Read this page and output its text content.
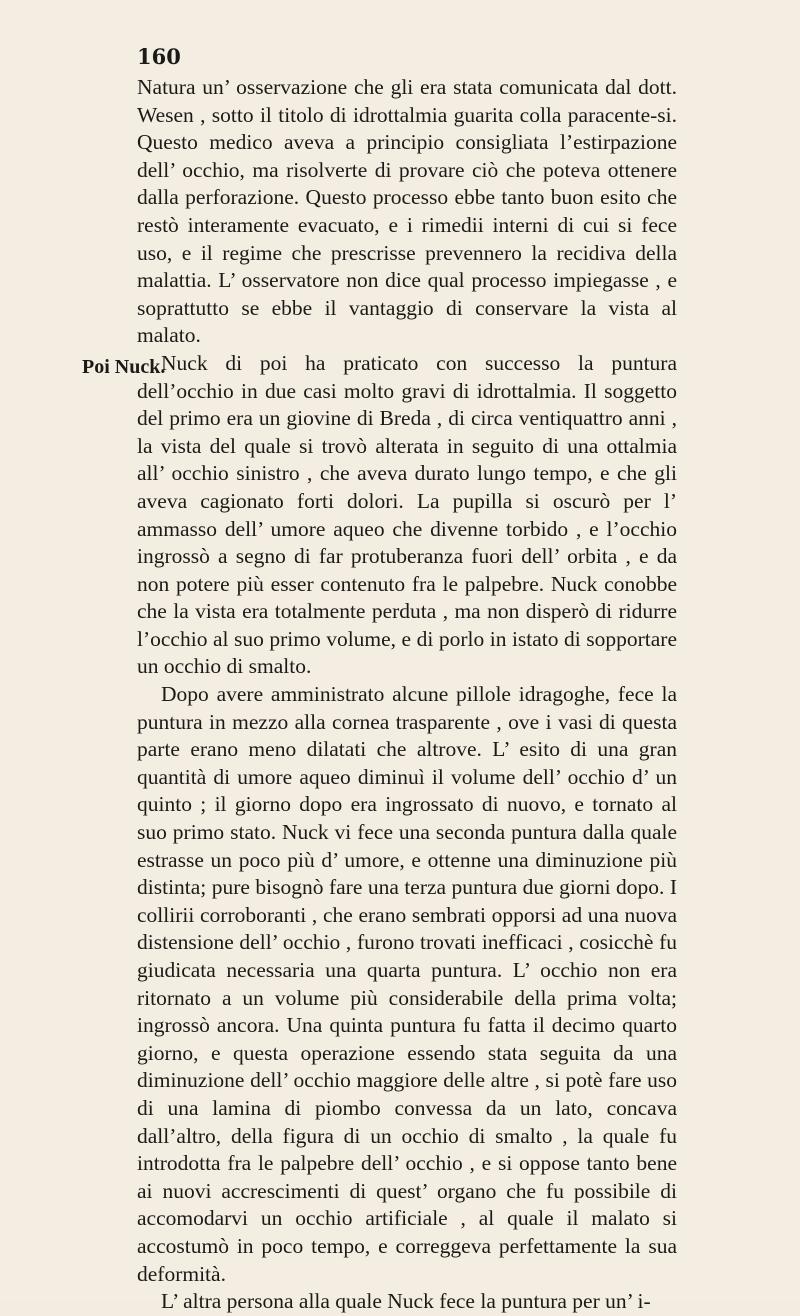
160

Poi Nuck.

Natura un’ osservazione che gli era stata comunicata dal dott. Wesen , sotto il titolo di idrottalmia guarita colla paracente-si. Questo medico aveva a principio consigliata l’estirpazione dell’ occhio, ma risolverte di provare ciò che poteva ottenere dalla perforazione. Questo processo ebbe tanto buon esito che restò interamente evacuato, e i rimedii interni di cui si fece uso, e il regime che prescrisse prevennero la recidiva della malattia. L’ osservatore non dice qual processo impiegasse , e soprattutto se ebbe il vantaggio di conservare la vista al malato.

Nuck di poi ha praticato con successo la puntura dell’occhio in due casi molto gravi di idrottalmia. Il soggetto del primo era un giovine di Breda , di circa ventiquattro anni , la vista del quale si trovò alterata in seguito di una ottalmia all’ occhio sinistro , che aveva durato lungo tempo, e che gli aveva cagionato forti dolori. La pupilla si oscurò per l’ ammasso dell’ umore aqueo che divenne torbido , e l’occhio ingrossò a segno di far protuberanza fuori dell’ orbita , e da non potere più esser contenuto fra le palpebre. Nuck conobbe che la vista era totalmente perduta , ma non disperò di ridurre l’occhio al suo primo volume, e di porlo in istato di sopportare un occhio di smalto.

Dopo avere amministrato alcune pillole idragoghe, fece la puntura in mezzo alla cornea trasparente , ove i vasi di questa parte erano meno dilatati che altrove. L’ esito di una gran quantità di umore aqueo diminuì il volume dell’ occhio d’ un quinto ; il giorno dopo era ingrossato di nuovo, e tornato al suo primo stato. Nuck vi fece una seconda puntura dalla quale estrasse un poco più d’ umore, e ottenne una diminuzione più distinta; pure bisognò fare una terza puntura due giorni dopo. I collirii corroboranti , che erano sembrati opporsi ad una nuova distensione dell’ occhio , furono trovati inefficaci , cosicchè fu giudicata necessaria una quarta puntura. L’ occhio non era ritornato a un volume più considerabile della prima volta; ingrossò ancora. Una quinta puntura fu fatta il decimo quarto giorno, e questa operazione essendo stata seguita da una diminuzione dell’ occhio maggiore delle altre , si potè fare uso di una lamina di piombo convessa da un lato, concava dall’altro, della figura di un occhio di smalto , la quale fu introdotta fra le palpebre dell’ occhio , e si oppose tanto bene ai nuovi accrescimenti di quest’ organo che fu possibile di accomodarvi un occhio artificiale , al quale il malato si accostumò in poco tempo, e correggeva perfettamente la sua deformità.

L’ altra persona alla quale Nuck fece la puntura per un’ i-
